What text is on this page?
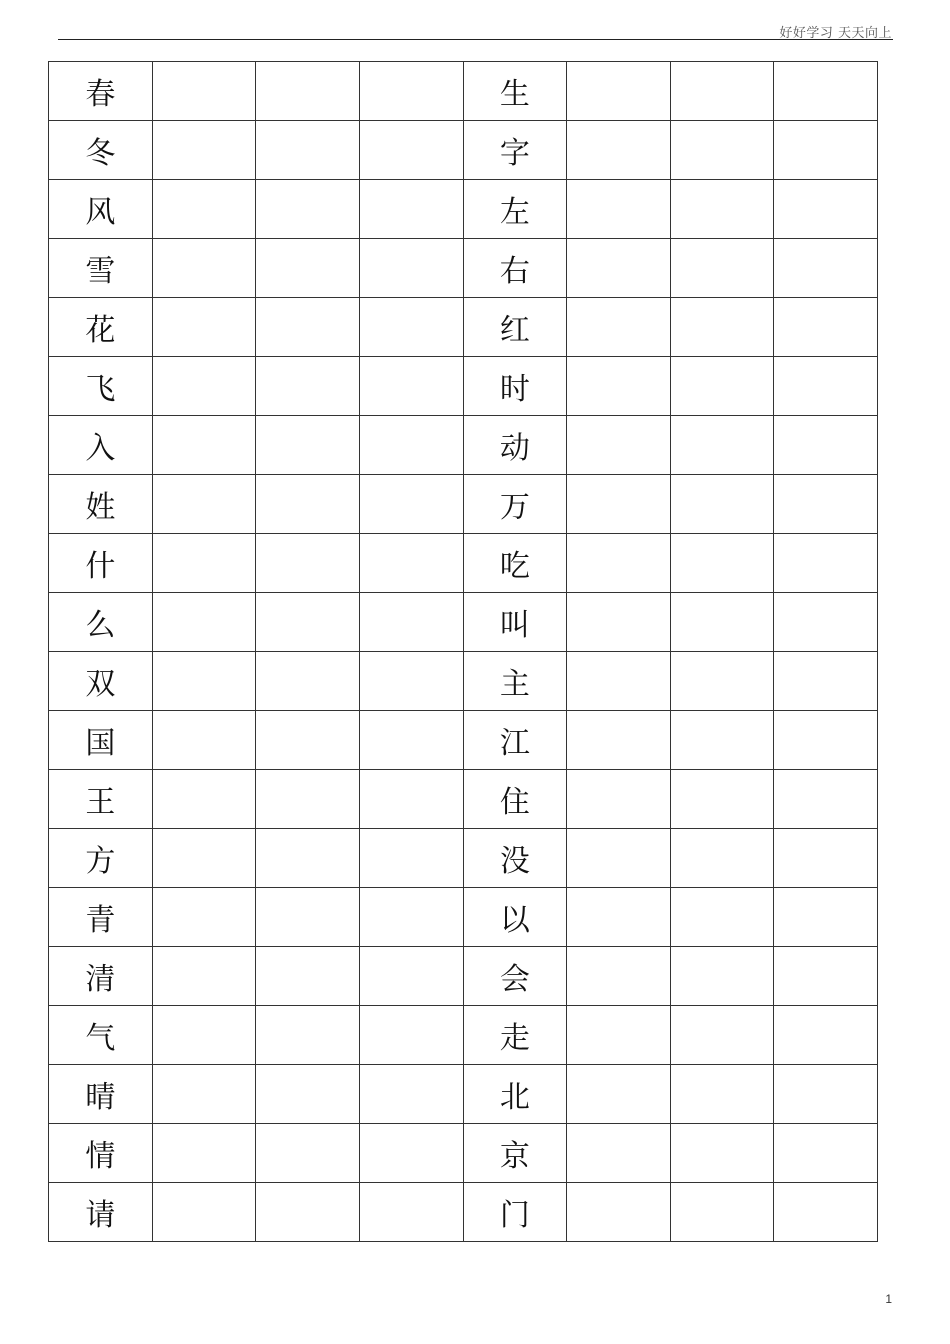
好好学习 天天向上
春				生			
冬				字			
风				左			
雪				右			
花				红			
飞				时			
入				动			
姓				万			
什				吃			
么				叫			
双				主			
国				江			
王				住			
方				没			
青				以			
清				会			
气				走			
晴				北			
情				京			
请				门			
1
